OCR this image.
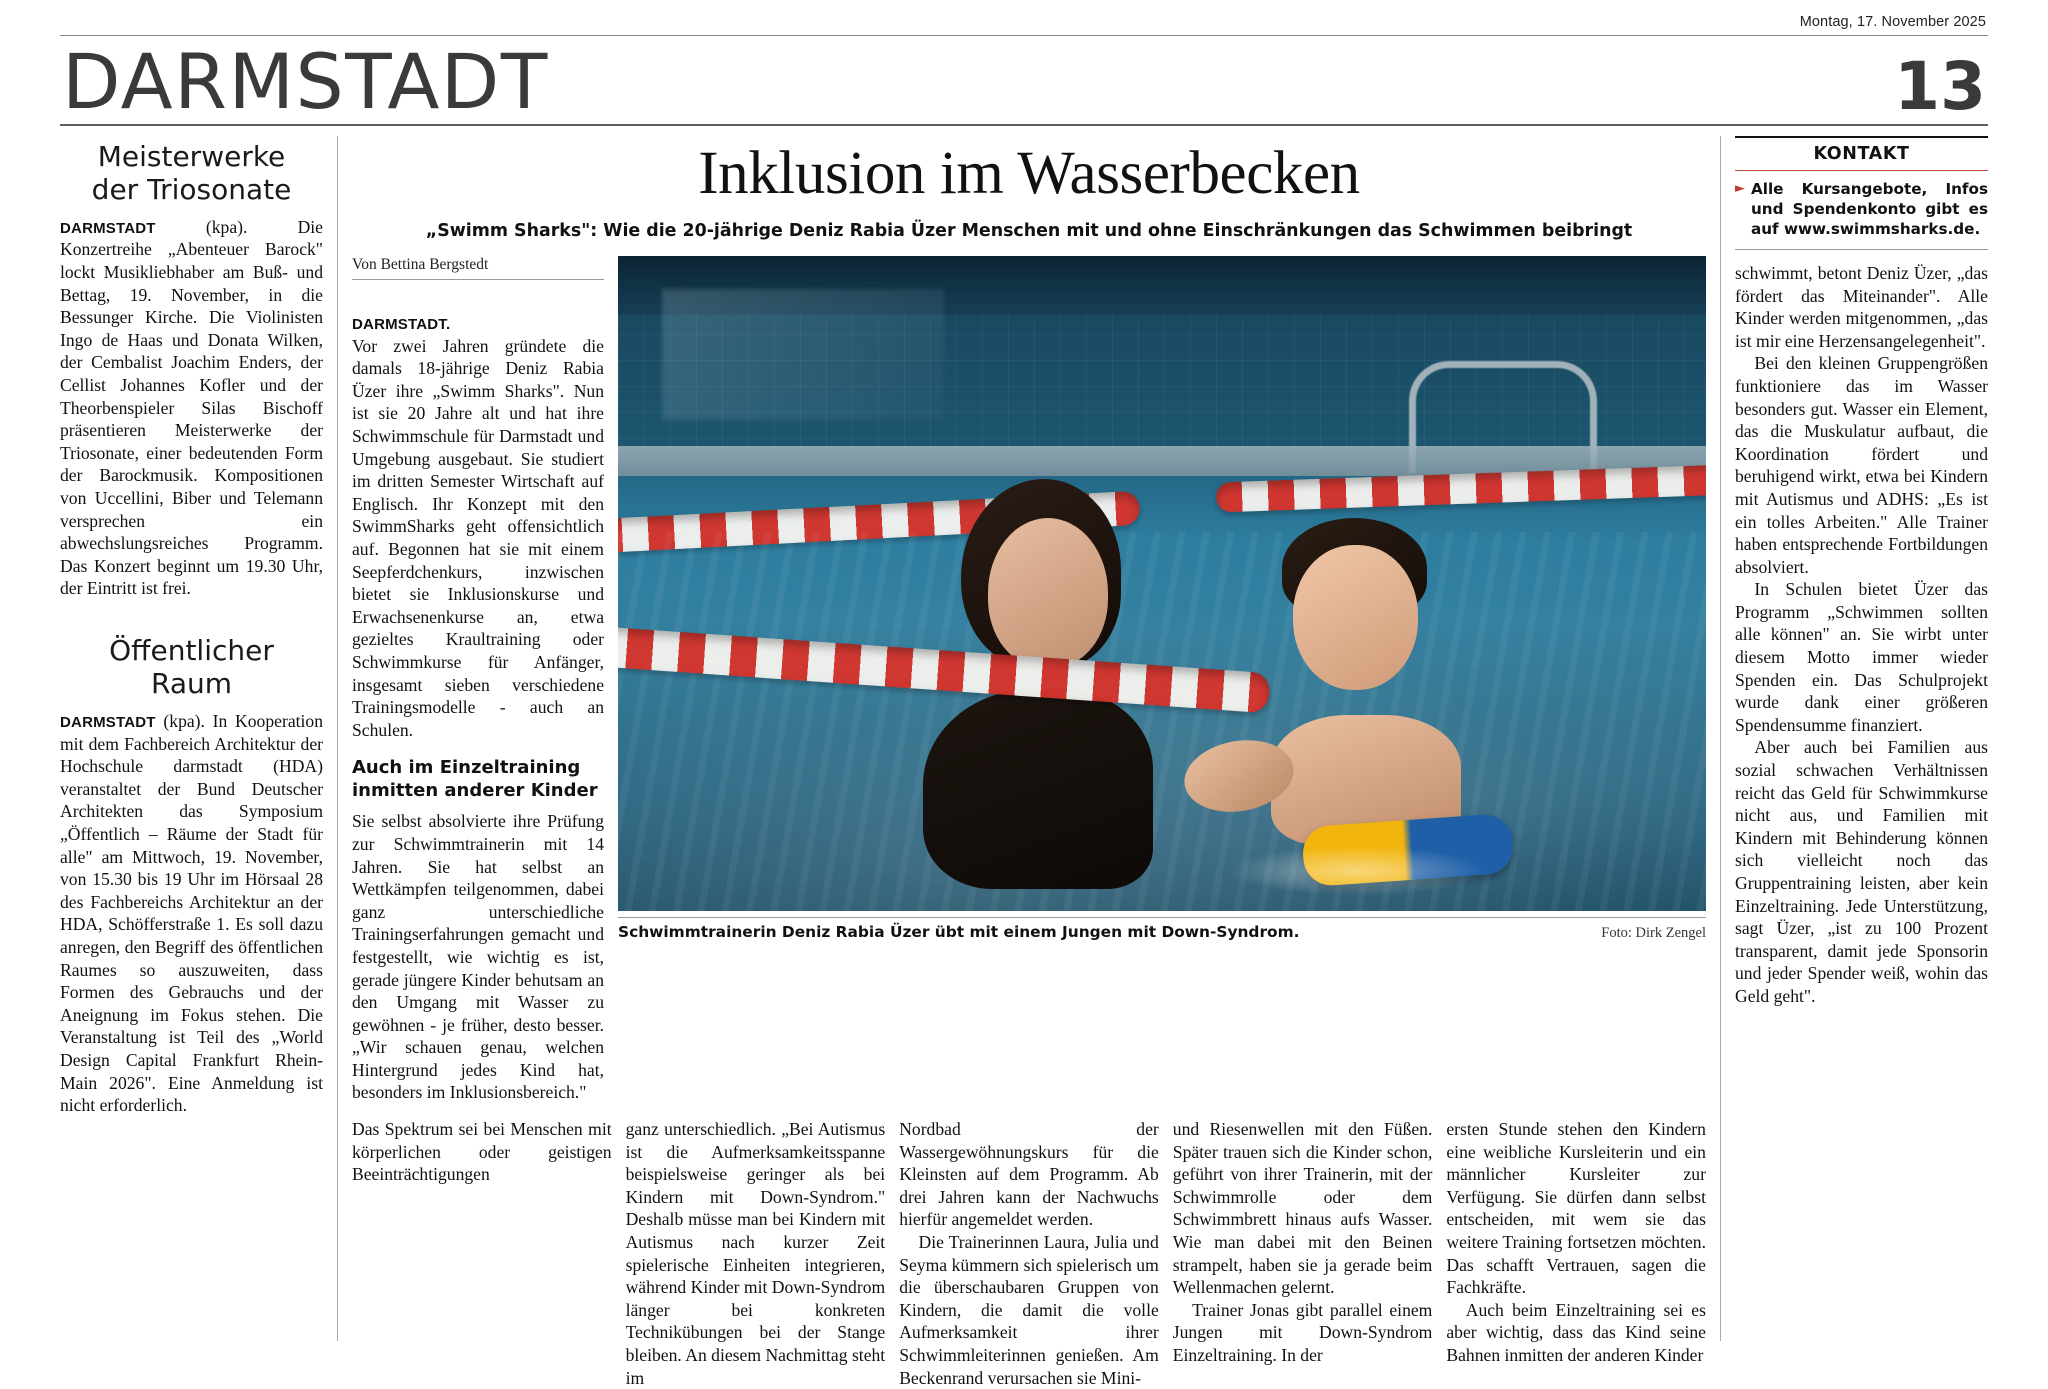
Montag, 17. November 2025
DARMSTADT	13
Meisterwerke
der Triosonate
DARMSTADT	(kpa). Die Konzertreihe „Abenteuer Barock" lockt Musikliebhaber am Buß- und Bettag, 19. November, in die Bessunger Kirche. Die Violinisten Ingo de Haas und Donata Wilken, der Cembalist Joachim Enders, der Cellist Johannes Kofler und der Theorbenspieler Silas Bischoff präsentieren Meisterwerke der Triosonate, einer bedeutenden Form der Barockmusik. Kompositionen von Uccellini, Biber und Telemann versprechen ein abwechslungsreiches Programm. Das Konzert beginnt um 19.30 Uhr, der Eintritt ist frei.
Öffentlicher
Raum
DARMSTADT (kpa). In Kooperation mit dem Fachbereich Architektur der Hochschule darmstadt (HDA) veranstaltet der Bund Deutscher Architekten das Symposium „Öffentlich – Räume der Stadt für alle" am Mittwoch, 19. November, von 15.30 bis 19 Uhr im Hörsaal 28 des Fachbereichs Architektur an der HDA, Schöfferstraße 1. Es soll dazu anregen, den Begriff des öffentlichen Raumes so auszuweiten, dass Formen des Gebrauchs und der Aneignung im Fokus stehen. Die Veranstaltung ist Teil des „World Design Capital Frankfurt Rhein-Main 2026". Eine Anmeldung ist nicht erforderlich.
Inklusion im Wasserbecken
„Swimm Sharks": Wie die 20-jährige Deniz Rabia Üzer Menschen mit und ohne Einschränkungen das Schwimmen beibringt
Von Bettina Bergstedt

DARMSTADT.
Vor zwei Jahren gründete die damals 18-jährige Deniz Rabia Üzer ihre „Swimm Sharks". Nun ist sie 20 Jahre alt und hat ihre Schwimmschule für Darmstadt und Umgebung ausgebaut. Sie studiert im dritten Semester Wirtschaft auf Englisch. Ihr Konzept mit den SwimmSharks geht offensichtlich auf. Begonnen hat sie mit einem Seepferdchenkurs, inzwischen bietet sie Inklusionskurse und Erwachsenenkurse an, etwa gezieltes Kraultraining oder Schwimmkurse für Anfänger, insgesamt sieben verschiedene Trainingsmodelle - auch an Schulen.

Auch im Einzeltraining
inmitten anderer Kinder
Sie selbst absolvierte ihre Prüfung zur Schwimmtrainerin mit 14 Jahren. Sie hat selbst an Wettkämpfen teilgenommen, dabei ganz unterschiedliche Trainingserfahrungen gemacht und festgestellt, wie wichtig es ist, gerade jüngere Kinder behutsam an den Umgang mit Wasser zu gewöhnen - je früher, desto besser. „Wir schauen genau, welchen Hintergrund jedes Kind hat, besonders im Inklusionsbereich."
Schwimmtrainerin Deniz Rabia Üzer übt mit einem Jungen mit Down-Syndrom.	Foto: Dirk Zengel
Das Spektrum sei bei Menschen mit körperlichen oder geistigen Beeinträchtigungen
ganz unterschiedlich. „Bei Autismus ist die Aufmerksamkeitsspanne beispielsweise geringer als bei Kindern mit Down-Syndrom." Deshalb müsse man bei Kindern mit Autismus nach kurzer Zeit spielerische Einheiten integrieren, während Kinder mit Down-Syndrom länger bei konkreten Technikübungen bei der Stange bleiben. An diesem Nachmittag steht im
Nordbad der Wassergewöhnungskurs für die Kleinsten auf dem Programm. Ab drei Jahren kann der Nachwuchs hierfür angemeldet werden.
Die Trainerinnen Laura, Julia und Seyma kümmern sich spielerisch um die überschaubaren Gruppen von Kindern, die damit die volle Aufmerksamkeit ihrer Schwimmleiterinnen genießen. Am Beckenrand verursachen sie Mini-
und Riesenwellen mit den Füßen. Später trauen sich die Kinder schon, geführt von ihrer Trainerin, mit der Schwimmrolle oder dem Schwimmbrett hinaus aufs Wasser. Wie man dabei mit den Beinen strampelt, haben sie ja gerade beim Wellenmachen gelernt.
Trainer Jonas gibt parallel einem Jungen mit Down-Syndrom Einzeltraining. In der
ersten Stunde stehen den Kindern eine weibliche Kursleiterin und ein männlicher Kursleiter zur Verfügung. Sie dürfen dann selbst entscheiden, mit wem sie das weitere Training fortsetzen möchten. Das schafft Vertrauen, sagen die Fachkräfte.
Auch beim Einzeltraining sei es aber wichtig, dass das Kind seine Bahnen inmitten der anderen Kinder
KONTAKT
► Alle Kursangebote, Infos und Spendenkonto gibt es auf www.swimmsharks.de.
schwimmt, betont Deniz Üzer, „das fördert das Miteinander". Alle Kinder werden mitgenommen, „das ist mir eine Herzensangelegenheit".
Bei den kleinen Gruppengrößen funktioniere das im Wasser besonders gut. Wasser ein Element, das die Muskulatur aufbaut, die Koordination fördert und beruhigend wirkt, etwa bei Kindern mit Autismus und ADHS: „Es ist ein tolles Arbeiten." Alle Trainer haben entsprechende Fortbildungen absolviert.
In Schulen bietet Üzer das Programm „Schwimmen sollten alle können" an. Sie wirbt unter diesem Motto immer wieder Spenden ein. Das Schulprojekt wurde dank einer größeren Spendensumme finanziert.
Aber auch bei Familien aus sozial schwachen Verhältnissen reicht das Geld für Schwimmkurse nicht aus, und Familien mit Kindern mit Behinderung können sich vielleicht noch das Gruppentraining leisten, aber kein Einzeltraining. Jede Unterstützung, sagt Üzer, „ist zu 100 Prozent transparent, damit jede Sponsorin und jeder Spender weiß, wohin das Geld geht".
